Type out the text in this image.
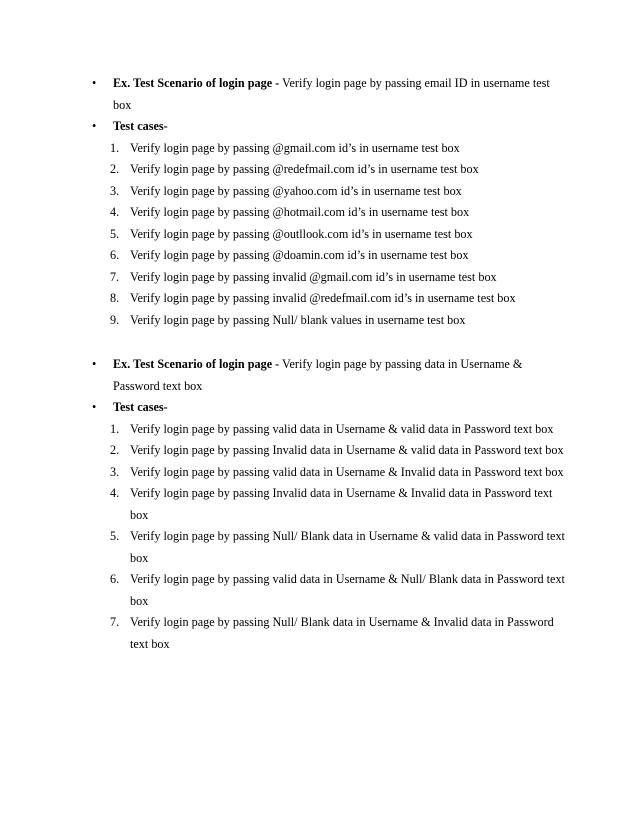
• Ex. Test Scenario of login page - Verify login page by passing email ID in username test box
• Test cases-
1. Verify login page by passing @gmail.com id’s in username test box
2. Verify login page by passing @redefmail.com id’s in username test box
3. Verify login page by passing @yahoo.com id’s in username test box
4. Verify login page by passing @hotmail.com id’s in username test box
5. Verify login page by passing @outllook.com id’s in username test box
6. Verify login page by passing @doamin.com id’s in username test box
7. Verify login page by passing invalid @gmail.com id’s in username test box
8. Verify login page by passing invalid @redefmail.com id’s in username test box
9. Verify login page by passing Null/ blank values in username test box
• Ex. Test Scenario of login page - Verify login page by passing data in Username & Password text box
• Test cases-
1. Verify login page by passing valid data in Username & valid data in Password text box
2. Verify login page by passing Invalid data in Username & valid data in Password text box
3. Verify login page by passing valid data in Username & Invalid data in Password text box
4. Verify login page by passing Invalid data in Username & Invalid data in Password text box
5. Verify login page by passing Null/ Blank data in Username & valid data in Password text box
6. Verify login page by passing valid data in Username & Null/ Blank data in Password text box
7. Verify login page by passing Null/ Blank data in Username & Invalid data in Password text box
